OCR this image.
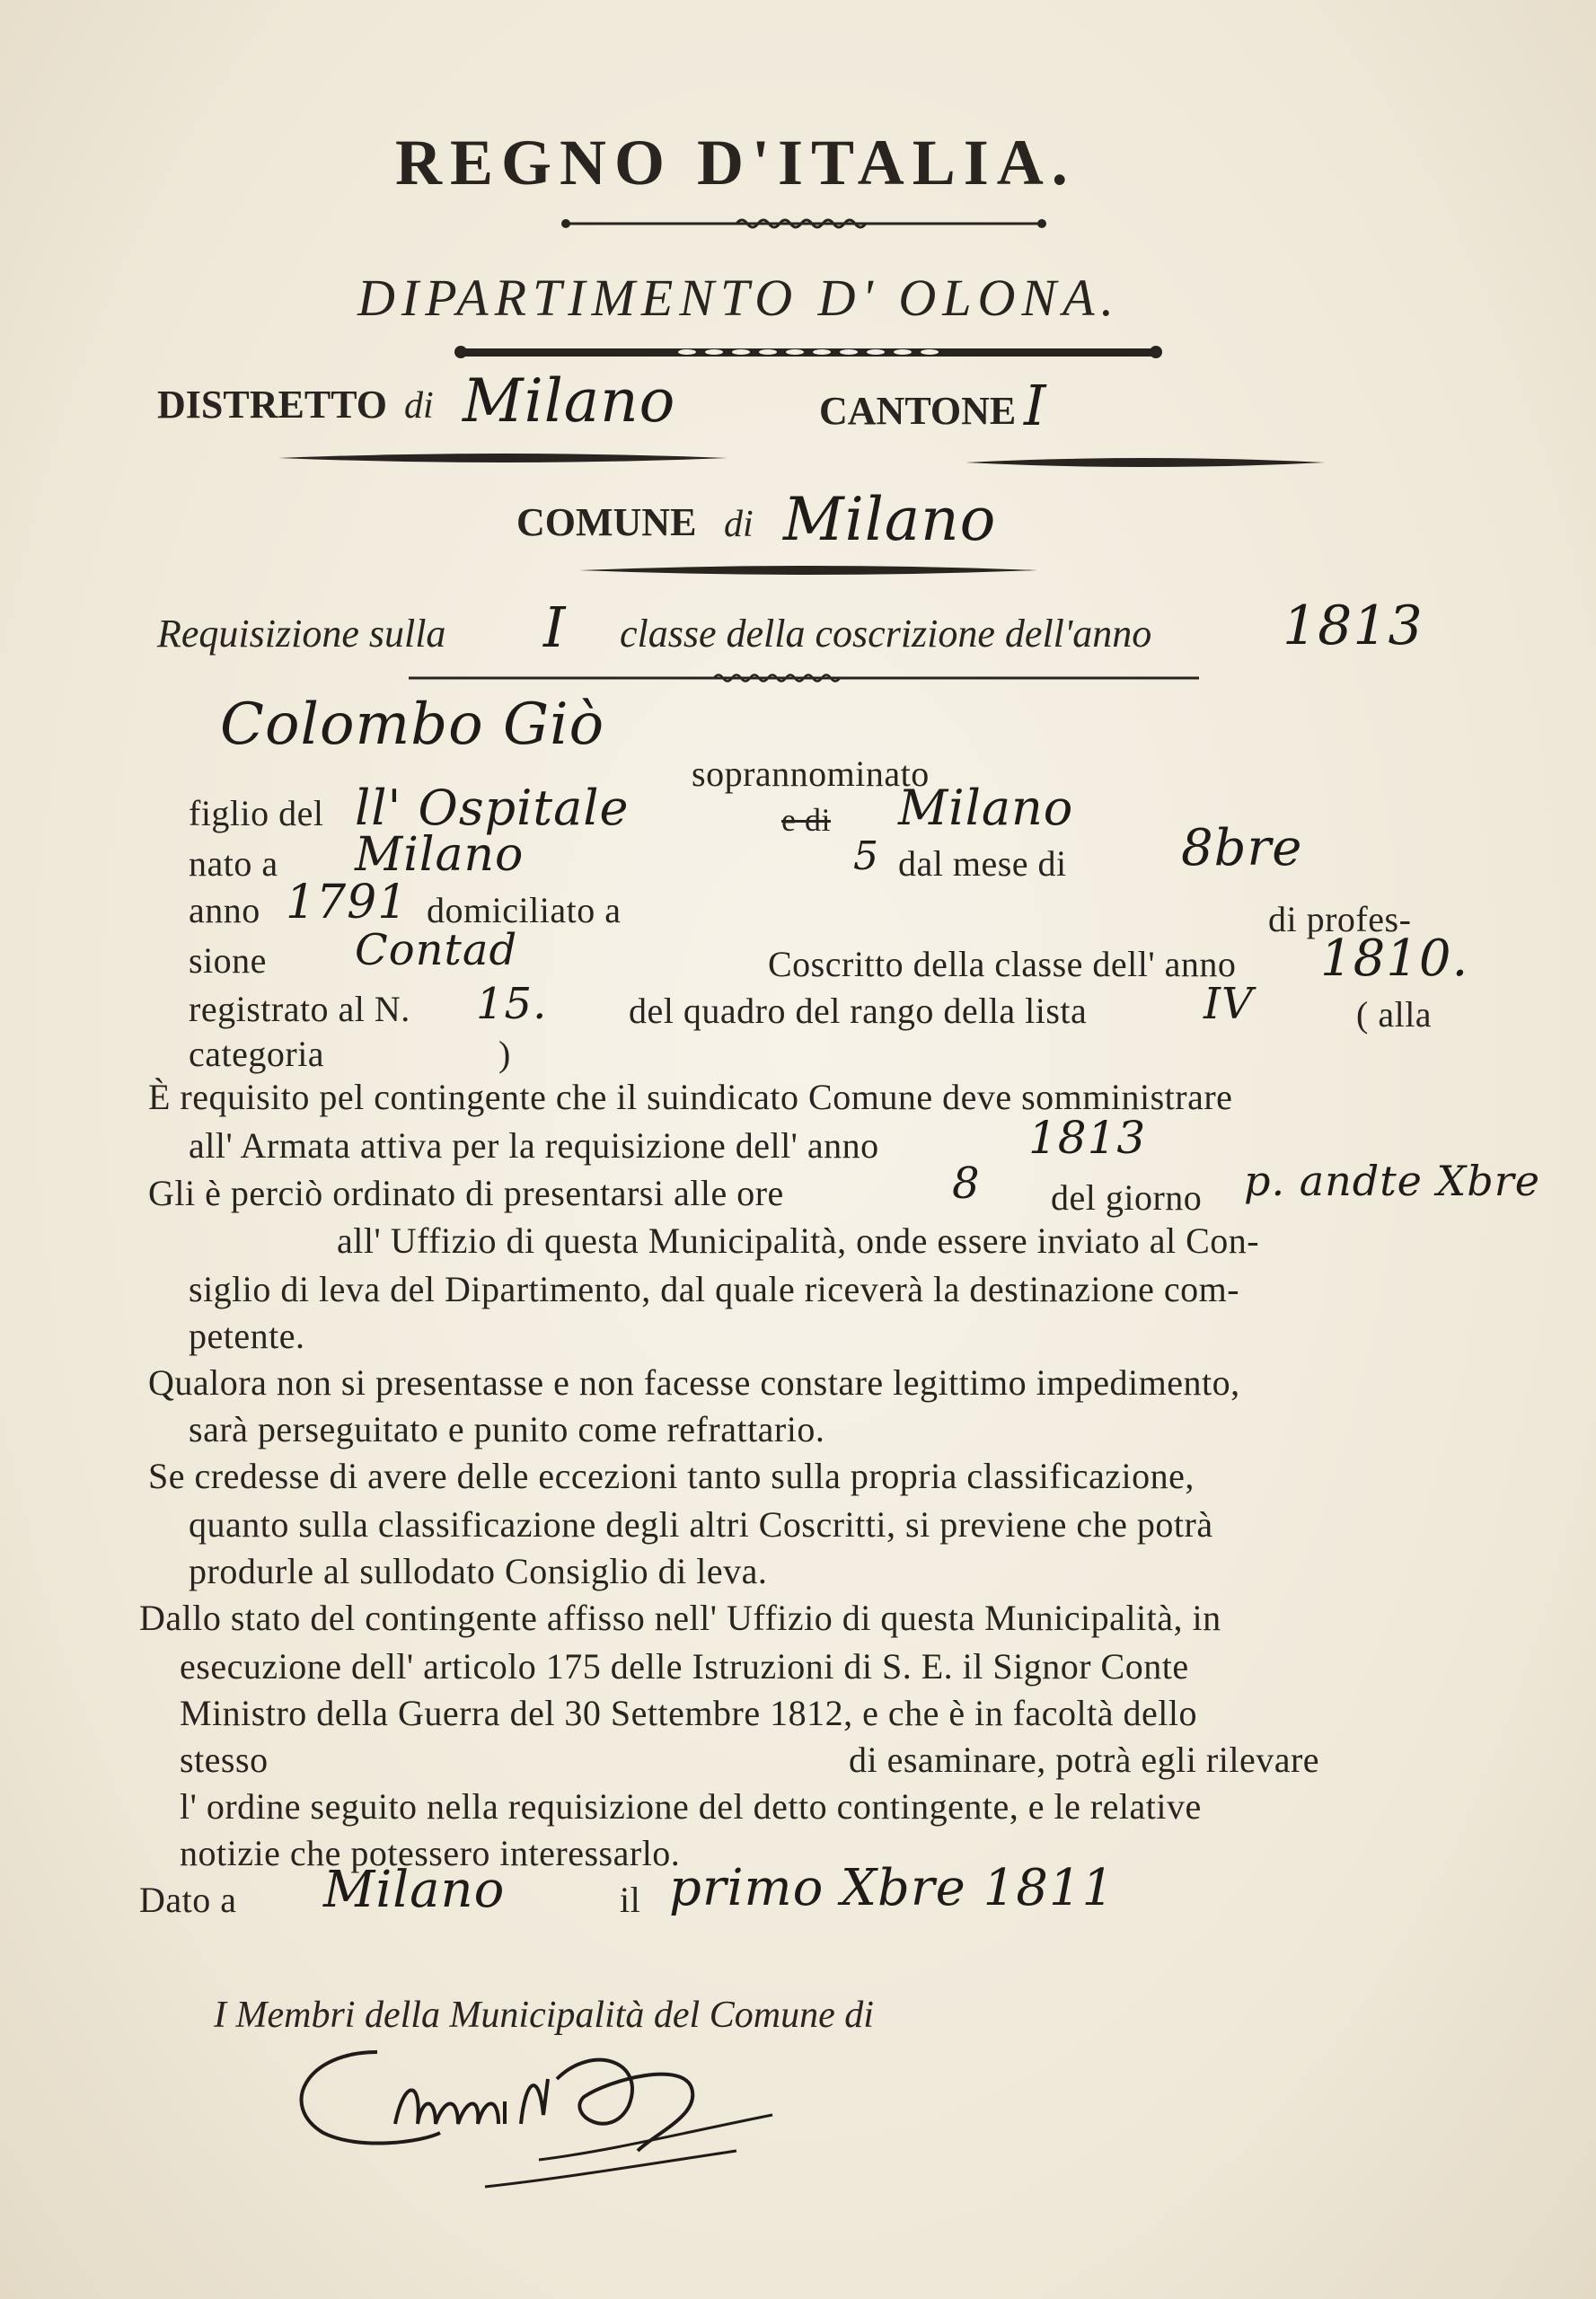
REGNO D'ITALIA.
DIPARTIMENTO D' OLONA.
DISTRETTO di Milano	CANTONE I
COMUNE di Milano
Requisizione sulla I classe della coscrizione dell'anno 1813
Colombo Giò
soprannominato
figlio del ll' Ospitale	e di Milano
nato a Milano	5 dal mese di 8bre
anno 1791 domiciliato a	di profes-
sione Contad	Coscritto della classe dell' anno 1810.
registrato al N. 15. del quadro del rango della lista	IV	( alla
categoria	)
È requisito pel contingente che il suindicato Comune deve somministrare
all' Armata attiva per la requisizione dell' anno	1813
Gli è perciò ordinato di presentarsi alle ore	8 del giorno p. andte Xbre
all' Uffizio di questa Municipalità, onde essere inviato al Con-
siglio di leva del Dipartimento, dal quale riceverà la destinazione com-
petente.
Qualora non si presentasse e non facesse constare legittimo impedimento,
sarà perseguitato e punito come refrattario.
Se credesse di avere delle eccezioni tanto sulla propria classificazione,
quanto sulla classificazione degli altri Coscritti, si previene che potrà
produrle al sullodato Consiglio di leva.
Dallo stato del contingente affisso nell' Uffizio di questa Municipalità, in
esecuzione dell' articolo 175 delle Istruzioni di S. E. il Signor Conte
Ministro della Guerra del 30 Settembre 1812, e che è in facoltà dello
stesso	di esaminare, potrà egli rilevare
l' ordine seguito nella requisizione del detto contingente, e le relative
notizie che potessero interessarlo.
Dato a Milano	il primo Xbre 1811
I Membri della Municipalità del Comune di
